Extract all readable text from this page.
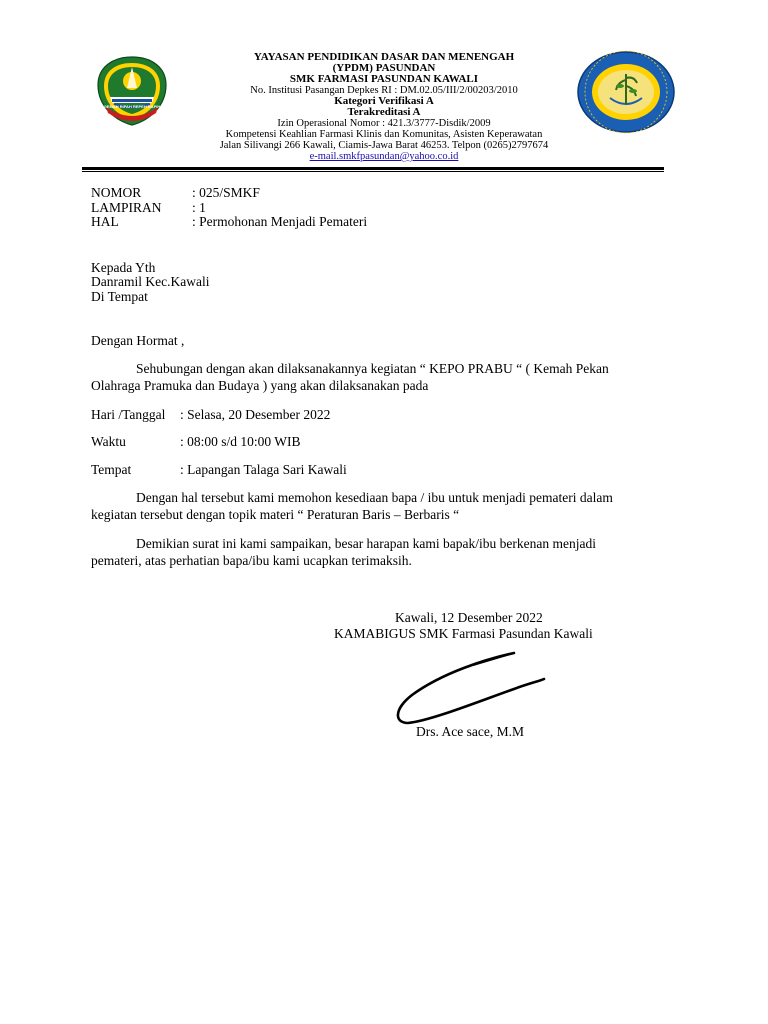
GEMAH RIPAH REPEH RAPIH
YAYASAN PENDIDIKAN DASAR DAN MENENGAH
(YPDM) PASUNDAN
SMK FARMASI PASUNDAN KAWALI
No. Institusi Pasangan Depkes RI : DM.02.05/III/2/00203/2010
Kategori Verifikasi A
Terakreditasi A
Izin Operasional Nomor : 421.3/3777-Disdik/2009
Kompetensi Keahlian Farmasi Klinis dan Komunitas, Asisten Keperawatan
Jalan Silivangi 266 Kawali, Ciamis-Jawa Barat 46253. Telpon (0265)2797674
e-mail.smkfpasundan@yahoo.co.id
NOMOR	: 025/SMKF
LAMPIRAN : 1
HAL	: Permohonan Menjadi Pemateri
Kepada Yth
Danramil Kec.Kawali
Di Tempat
Dengan Hormat ,
Sehubungan dengan akan dilaksanakannya kegiatan “ KEPO PRABU “ ( Kemah Pekan
Olahraga Pramuka dan Budaya ) yang akan dilaksanakan pada
Hari /Tanggal : Selasa, 20 Desember 2022
Waktu	: 08:00 s/d 10:00 WIB
Tempat	: Lapangan Talaga Sari Kawali
Dengan hal tersebut kami memohon kesediaan bapa / ibu untuk menjadi pemateri dalam
kegiatan tersebut dengan topik materi “ Peraturan Baris – Berbaris “
Demikian surat ini kami sampaikan, besar harapan kami bapak/ibu berkenan menjadi
pemateri, atas perhatian bapa/ibu kami ucapkan terimaksih.
Kawali, 12 Desember 2022
KAMABIGUS SMK Farmasi Pasundan Kawali
Drs. Ace sace, M.M
